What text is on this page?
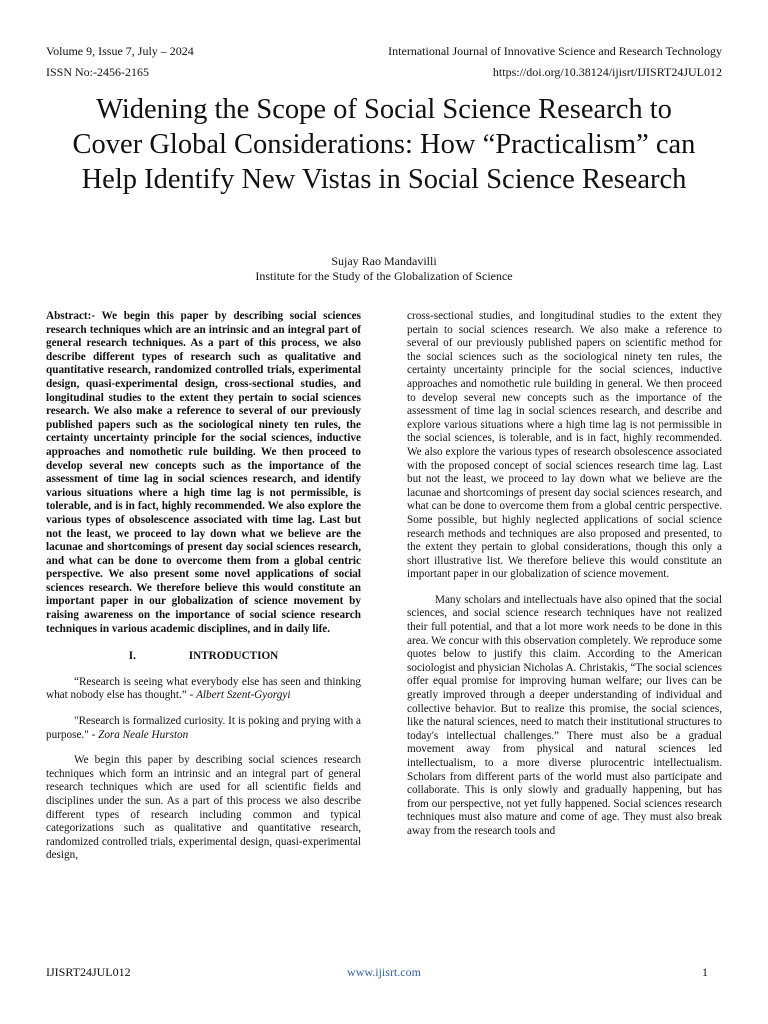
Volume 9, Issue 7, July – 2024	International Journal of Innovative Science and Research Technology
ISSN No:-2456-2165	https://doi.org/10.38124/ijisrt/IJISRT24JUL012
Widening the Scope of Social Science Research to Cover Global Considerations: How “Practicalism” can Help Identify New Vistas in Social Science Research
Sujay Rao Mandavilli
Institute for the Study of the Globalization of Science

Abstract:- We begin this paper by describing social sciences research techniques which are an intrinsic and an integral part of general research techniques. As a part of this process, we also describe different types of research such as qualitative and quantitative research, randomized controlled trials, experimental design, quasi-experimental design, cross-sectional studies, and longitudinal studies to the extent they pertain to social sciences research. We also make a reference to several of our previously published papers such as the sociological ninety ten rules, the certainty uncertainty principle for the social sciences, inductive approaches and nomothetic rule building. We then proceed to develop several new concepts such as the importance of the assessment of time lag in social sciences research, and identify various situations where a high time lag is not permissible, is tolerable, and is in fact, highly recommended. We also explore the various types of obsolescence associated with time lag. Last but not the least, we proceed to lay down what we believe are the lacunae and shortcomings of present day social sciences research, and what can be done to overcome them from a global centric perspective. We also present some novel applications of social sciences research. We therefore believe this would constitute an important paper in our globalization of science movement by raising awareness on the importance of social science research techniques in various academic disciplines, and in daily life.

I.	INTRODUCTION

“Research is seeing what everybody else has seen and thinking what nobody else has thought.” - Albert Szent-Gyorgyi

"Research is formalized curiosity. It is poking and prying with a purpose." - Zora Neale Hurston

We begin this paper by describing social sciences research techniques which form an intrinsic and an integral part of general research techniques which are used for all scientific fields and disciplines under the sun. As a part of this process we also describe different types of research including common and typical categorizations such as qualitative and quantitative research, randomized controlled trials, experimental design, quasi-experimental design,

cross-sectional studies, and longitudinal studies to the extent they pertain to social sciences research. We also make a reference to several of our previously published papers on scientific method for the social sciences such as the sociological ninety ten rules, the certainty uncertainty principle for the social sciences, inductive approaches and nomothetic rule building in general. We then proceed to develop several new concepts such as the importance of the assessment of time lag in social sciences research, and describe and explore various situations where a high time lag is not permissible in the social sciences, is tolerable, and is in fact, highly recommended. We also explore the various types of research obsolescence associated with the proposed concept of social sciences research time lag. Last but not the least, we proceed to lay down what we believe are the lacunae and shortcomings of present day social sciences research, and what can be done to overcome them from a global centric perspective. Some possible, but highly neglected applications of social science research methods and techniques are also proposed and presented, to the extent they pertain to global considerations, though this only a short illustrative list. We therefore believe this would constitute an important paper in our globalization of science movement.

Many scholars and intellectuals have also opined that the social sciences, and social science research techniques have not realized their full potential, and that a lot more work needs to be done in this area. We concur with this observation completely. We reproduce some quotes below to justify this claim. According to the American sociologist and physician Nicholas A. Christakis, “The social sciences offer equal promise for improving human welfare; our lives can be greatly improved through a deeper understanding of individual and collective behavior. But to realize this promise, the social sciences, like the natural sciences, need to match their institutional structures to today's intellectual challenges.” There must also be a gradual movement away from physical and natural sciences led intellectualism, to a more diverse plurocentric intellectualism. Scholars from different parts of the world must also participate and collaborate. This is only slowly and gradually happening, but has from our perspective, not yet fully happened. Social sciences research techniques must also mature and come of age. They must also break away from the research tools and

IJISRT24JUL012	www.ijisrt.com	1
